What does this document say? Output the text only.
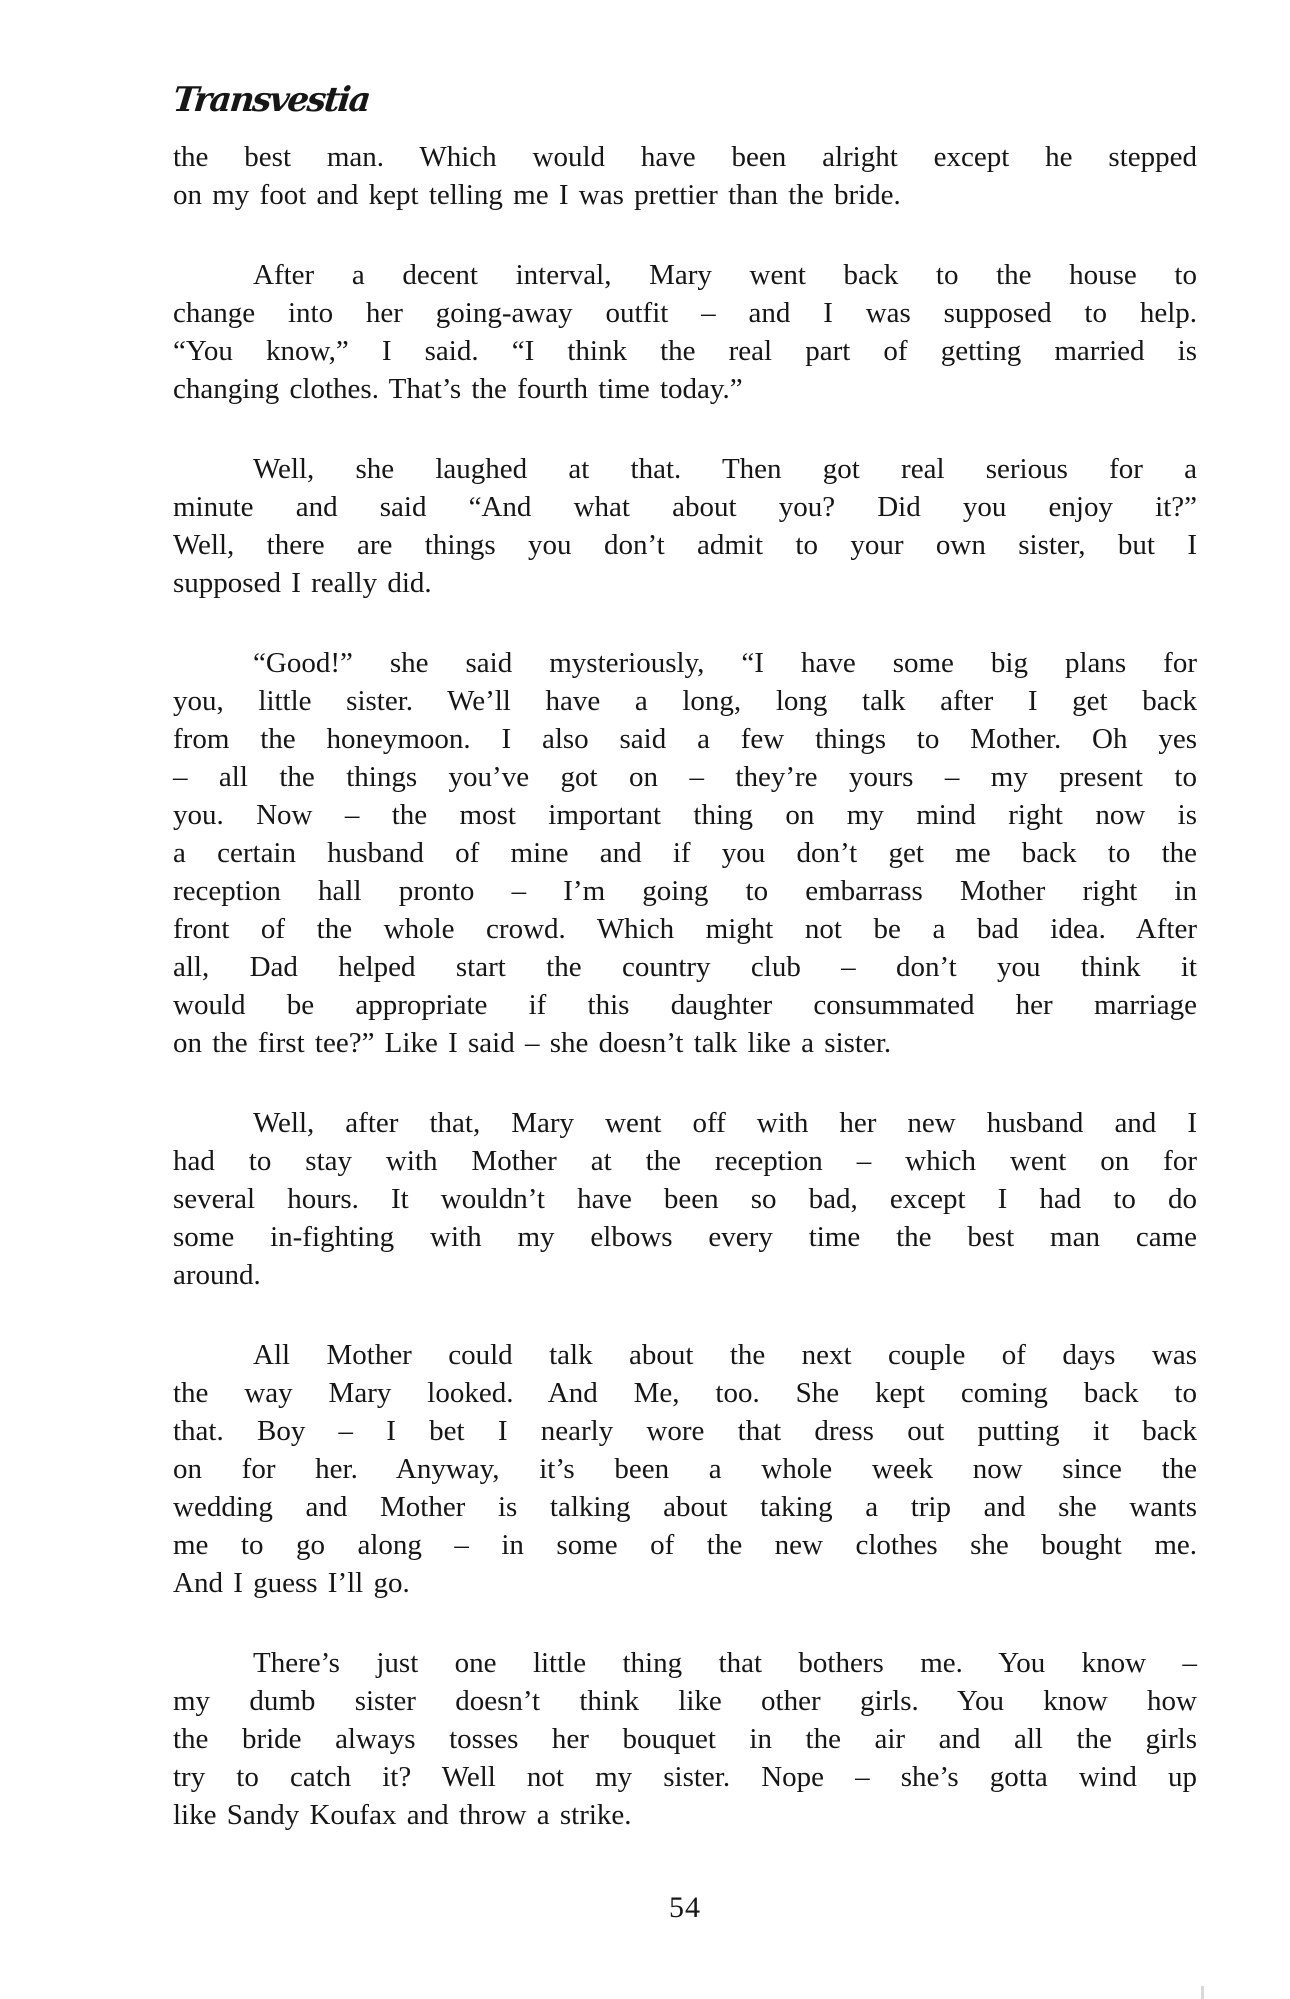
Transvestia
the best man. Which would have been alright except he stepped
on my foot and kept telling me I was prettier than the bride.
After a decent interval, Mary went back to the house to
change into her going-away outfit – and I was supposed to help.
“You know,” I said. “I think the real part of getting married is
changing clothes. That’s the fourth time today.”
Well, she laughed at that. Then got real serious for a
minute and said “And what about you? Did you enjoy it?”
Well, there are things you don’t admit to your own sister, but I
supposed I really did.
“Good!” she said mysteriously, “I have some big plans for
you, little sister. We’ll have a long, long talk after I get back
from the honeymoon. I also said a few things to Mother. Oh yes
– all the things you’ve got on – they’re yours – my present to
you. Now – the most important thing on my mind right now is
a certain husband of mine and if you don’t get me back to the
reception hall pronto – I’m going to embarrass Mother right in
front of the whole crowd. Which might not be a bad idea. After
all, Dad helped start the country club – don’t you think it
would be appropriate if this daughter consummated her marriage
on the first tee?” Like I said – she doesn’t talk like a sister.
Well, after that, Mary went off with her new husband and I
had to stay with Mother at the reception – which went on for
several hours. It wouldn’t have been so bad, except I had to do
some in-fighting with my elbows every time the best man came
around.
All Mother could talk about the next couple of days was
the way Mary looked. And Me, too. She kept coming back to
that. Boy – I bet I nearly wore that dress out putting it back
on for her. Anyway, it’s been a whole week now since the
wedding and Mother is talking about taking a trip and she wants
me to go along – in some of the new clothes she bought me.
And I guess I’ll go.
There’s just one little thing that bothers me. You know –
my dumb sister doesn’t think like other girls. You know how
the bride always tosses her bouquet in the air and all the girls
try to catch it? Well not my sister. Nope – she’s gotta wind up
like Sandy Koufax and throw a strike.
54
